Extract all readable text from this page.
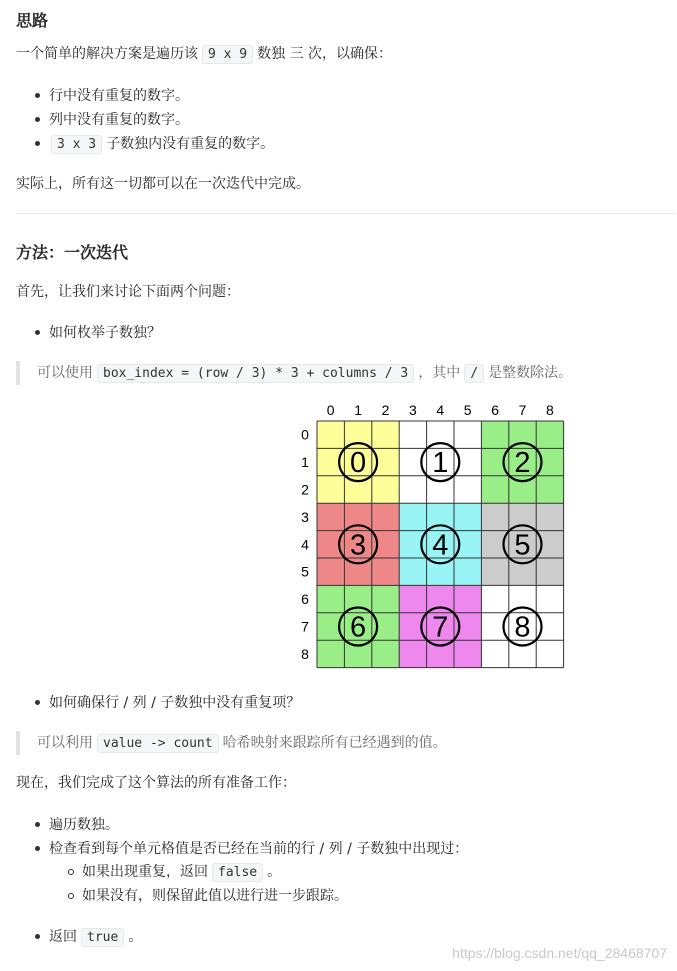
思路

一个简单的解决方案是遍历该 9 x 9 数独 三 次，以确保：

行中没有重复的数字。
列中没有重复的数字。
3 x 3 子数独内没有重复的数字。

实际上，所有这一切都可以在一次迭代中完成。

方法：一次迭代

首先，让我们来讨论下面两个问题：

如何枚举子数独？

可以使用 box_index = (row / 3) * 3 + columns / 3 ，其中 / 是整数除法。

0 1 2 3 4 5 6 7 8
0
1
2
3
4
5
6
7
8
0 1 2
3 4 5
6 7 8
如何确保行 / 列 / 子数独中没有重复项？

可以利用 value -> count 哈希映射来跟踪所有已经遇到的值。

现在，我们完成了这个算法的所有准备工作：

遍历数独。
检查看到每个单元格值是否已经在当前的行 / 列 / 子数独中出现过：
如果出现重复，返回 false 。
如果没有，则保留此值以进行进一步跟踪。
返回 true 。
https://blog.csdn.net/qq_28468707
